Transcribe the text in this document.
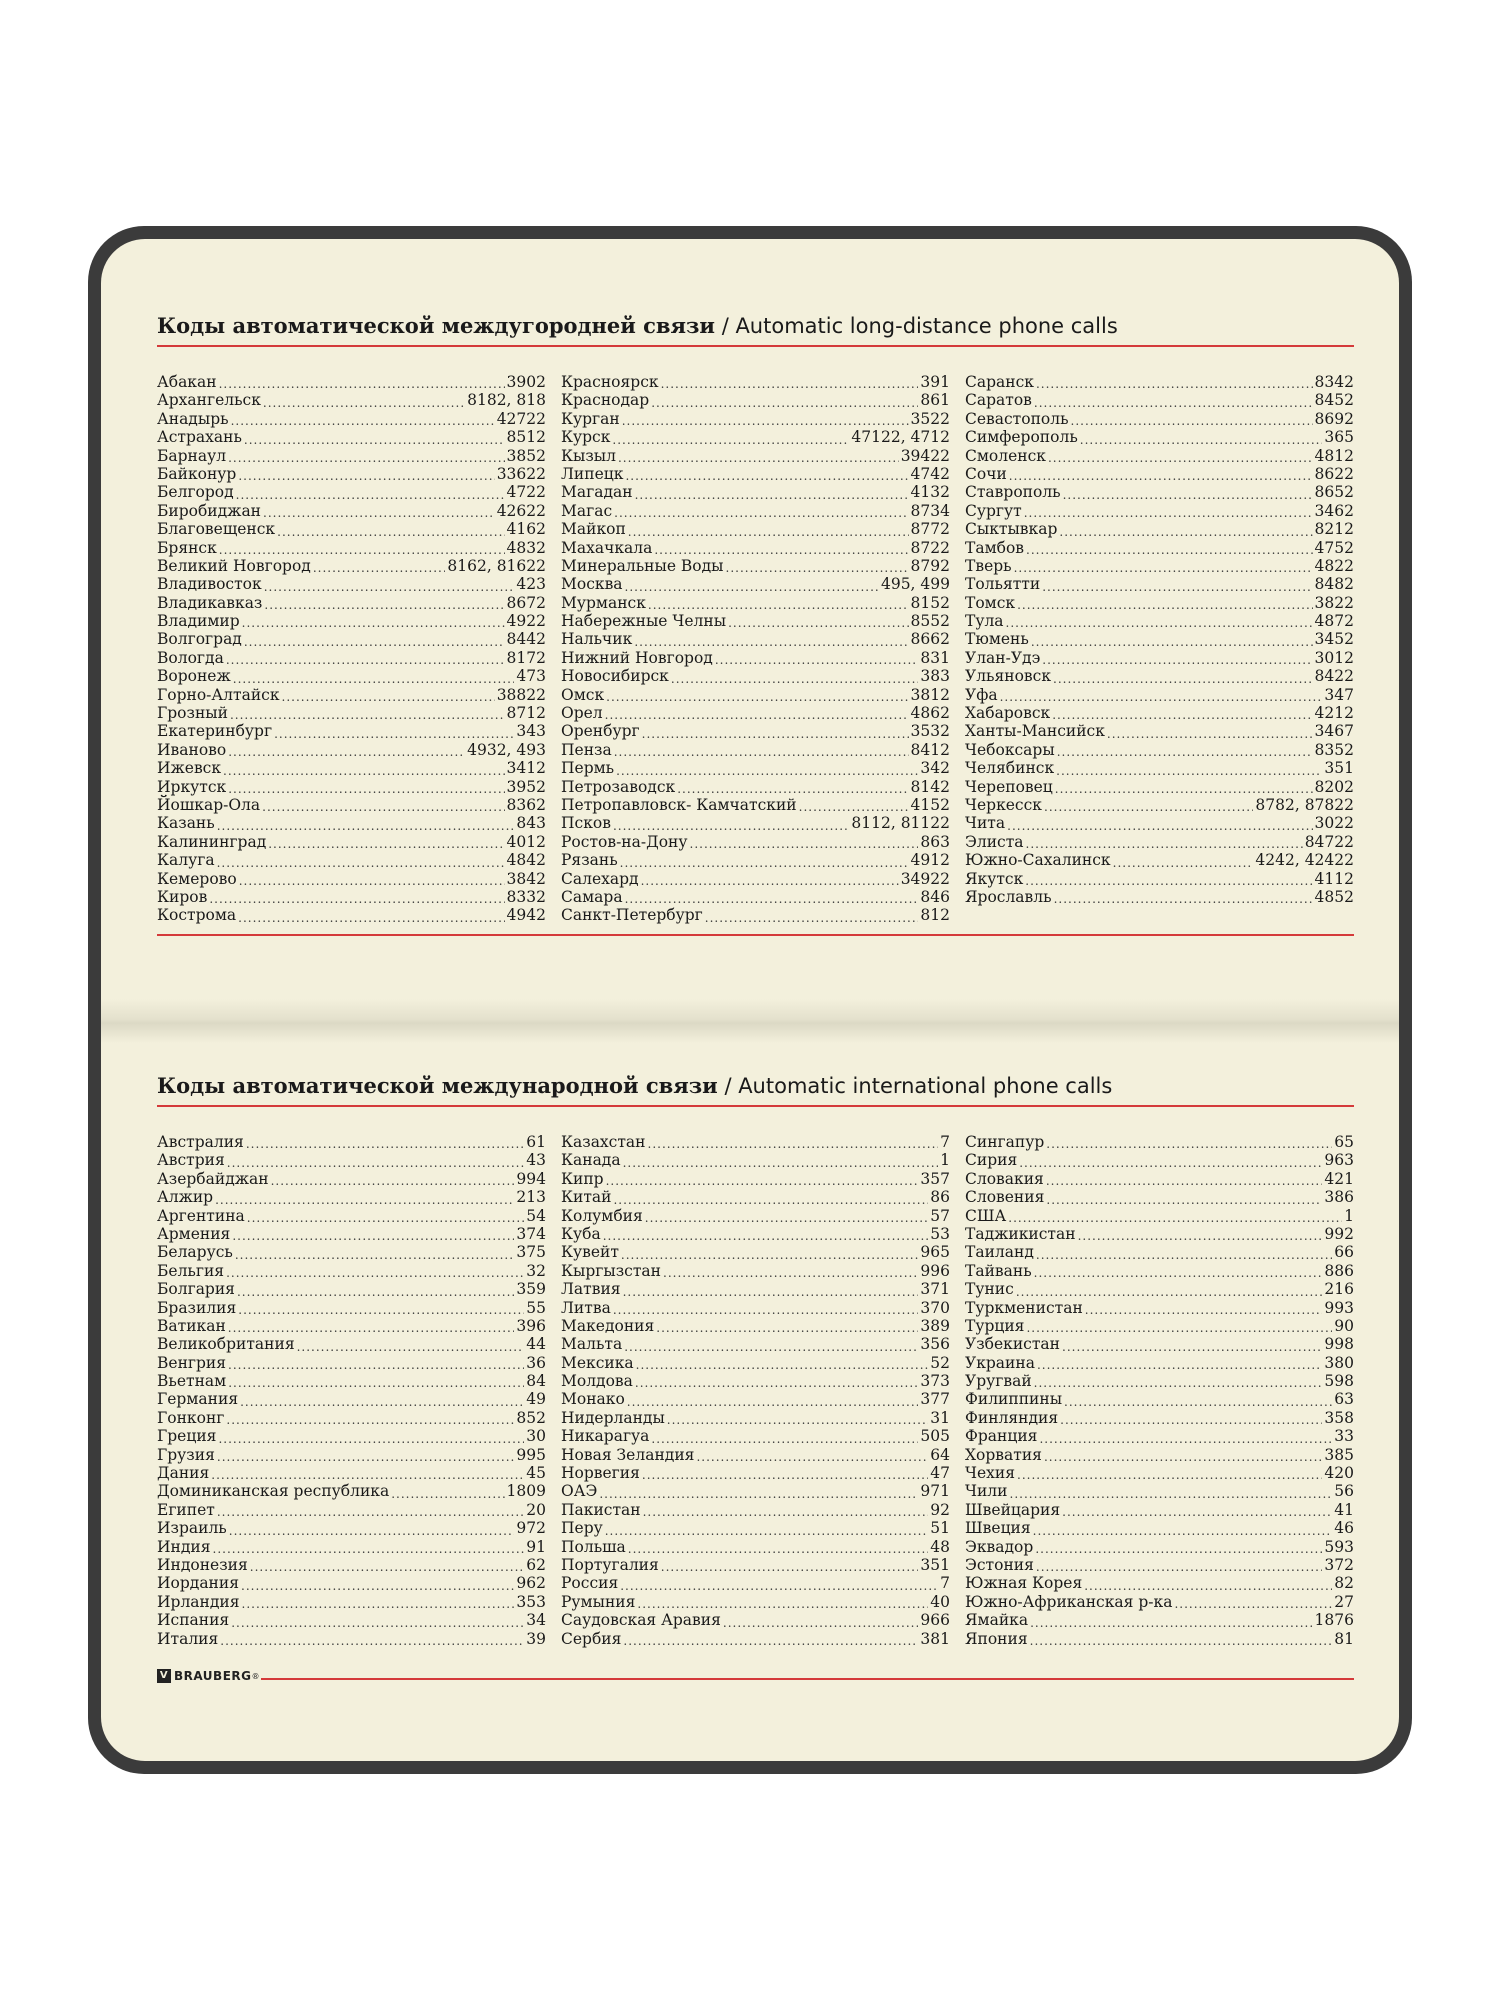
Коды автоматической междугородней связи / Automatic long-distance phone calls
Абакан .....	3902
Архангельск .....	8182, 818
Анадырь .....	42722
Астрахань .....	8512
Барнаул .....	3852
Байконур .....	33622
Белгород .....	4722
Биробиджан .....	42622
Благовещенск .....	4162
Брянск .....	4832
Великий Новгород .....	8162, 81622
Владивосток .....	423
Владикавказ .....	8672
Владимир .....	4922
Волгоград .....	8442
Вологда .....	8172
Воронеж .....	473
Горно-Алтайск .....	38822
Грозный .....	8712
Екатеринбург .....	343
Иваново .....	4932, 493
Ижевск .....	3412
Иркутск .....	3952
Йошкар-Ола .....	8362
Казань .....	843
Калининград .....	4012
Калуга .....	4842
Кемерово .....	3842
Киров .....	8332
Кострома .....	4942
Красноярск .....	391
Краснодар .....	861
Курган .....	3522
Курск .....	47122, 4712
Кызыл .....	39422
Липецк .....	4742
Магадан .....	4132
Магас .....	8734
Майкоп .....	8772
Махачкала .....	8722
Минеральные Воды .....	8792
Москва .....	495, 499
Мурманск .....	8152
Набережные Челны .....	8552
Нальчик .....	8662
Нижний Новгород .....	831
Новосибирск .....	383
Омск .....	3812
Орел .....	4862
Оренбург .....	3532
Пенза .....	8412
Пермь .....	342
Петрозаводск .....	8142
Петропавловск- Камчатский .....	4152
Псков .....	8112, 81122
Ростов-на-Дону .....	863
Рязань .....	4912
Салехард .....	34922
Самара .....	846
Санкт-Петербург .....	812
Саранск .....	8342
Саратов .....	8452
Севастополь .....	8692
Симферополь .....	365
Смоленск .....	4812
Сочи .....	8622
Ставрополь .....	8652
Сургут .....	3462
Сыктывкар .....	8212
Тамбов .....	4752
Тверь .....	4822
Тольятти .....	8482
Томск .....	3822
Тула .....	4872
Тюмень .....	3452
Улан-Удэ .....	3012
Ульяновск .....	8422
Уфа .....	347
Хабаровск .....	4212
Ханты-Мансийск .....	3467
Чебоксары .....	8352
Челябинск .....	351
Череповец .....	8202
Черкесск .....	8782, 87822
Чита .....	3022
Элиста .....	84722
Южно-Сахалинск .....	4242, 42422
Якутск .....	4112
Ярославль .....	4852
Коды автоматической международной связи / Automatic international phone calls
Австралия .....	61
Австрия .....	43
Азербайджан .....	994
Алжир .....	213
Аргентина .....	54
Армения .....	374
Беларусь .....	375
Бельгия .....	32
Болгария .....	359
Бразилия .....	55
Ватикан .....	396
Великобритания .....	44
Венгрия .....	36
Вьетнам .....	84
Германия .....	49
Гонконг .....	852
Греция .....	30
Грузия .....	995
Дания .....	45
Доминиканская республика .....	1809
Египет .....	20
Израиль .....	972
Индия .....	91
Индонезия .....	62
Иордания .....	962
Ирландия .....	353
Испания .....	34
Италия .....	39
Казахстан .....	7
Канада .....	1
Кипр .....	357
Китай .....	86
Колумбия .....	57
Куба .....	53
Кувейт .....	965
Кыргызстан .....	996
Латвия .....	371
Литва .....	370
Македония .....	389
Мальта .....	356
Мексика .....	52
Молдова .....	373
Монако .....	377
Нидерланды .....	31
Никарагуа .....	505
Новая Зеландия .....	64
Норвегия .....	47
ОАЭ .....	971
Пакистан .....	92
Перу .....	51
Польша .....	48
Португалия .....	351
Россия .....	7
Румыния .....	40
Саудовская Аравия .....	966
Сербия .....	381
Сингапур .....	65
Сирия .....	963
Словакия .....	421
Словения .....	386
США .....	1
Таджикистан .....	992
Таиланд .....	66
Тайвань .....	886
Тунис .....	216
Туркменистан .....	993
Турция .....	90
Узбекистан .....	998
Украина .....	380
Уругвай .....	598
Филиппины .....	63
Финляндия .....	358
Франция .....	33
Хорватия .....	385
Чехия .....	420
Чили .....	56
Швейцария .....	41
Швеция .....	46
Эквадор .....	593
Эстония .....	372
Южная Корея .....	82
Южно-Африканская р-ка .....	27
Ямайка .....	1876
Япония .....	81
V BRAUBERG ®
